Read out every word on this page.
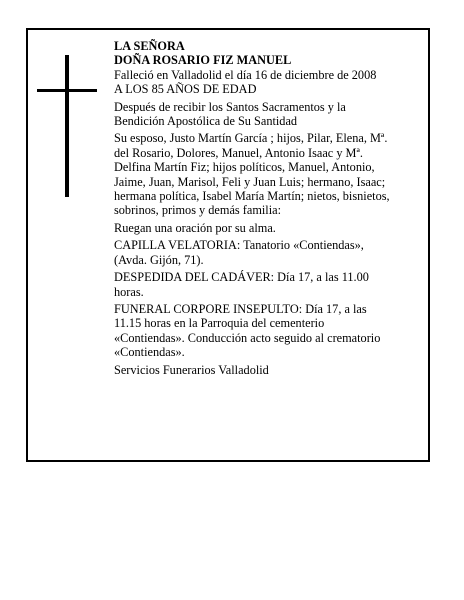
LA SEÑORA

DOÑA ROSARIO FIZ MANUEL

Falleció en Valladolid el día 16 de diciembre de 2008

A LOS 85 AÑOS DE EDAD

Después de recibir los Santos Sacramentos y la

Bendición Apostólica de Su Santidad

Su esposo, Justo Martín García ; hijos, Pilar, Elena, Mª.

del Rosario, Dolores, Manuel, Antonio Isaac y Mª.

Delfina Martín Fiz; hijos políticos, Manuel, Antonio,

Jaime, Juan, Marisol, Feli y Juan Luis; hermano, Isaac;

hermana política, Isabel María Martín; nietos, bisnietos,

sobrinos, primos y demás familia:

Ruegan una oración por su alma.

CAPILLA VELATORIA: Tanatorio «Contiendas»,

(Avda. Gijón, 71).

DESPEDIDA DEL CADÁVER: Día 17, a las 11.00

horas.

FUNERAL CORPORE INSEPULTO: Día 17, a las

11.15 horas en la Parroquia del cementerio

«Contiendas». Conducción acto seguido al crematorio

«Contiendas».

Servicios Funerarios Valladolid
